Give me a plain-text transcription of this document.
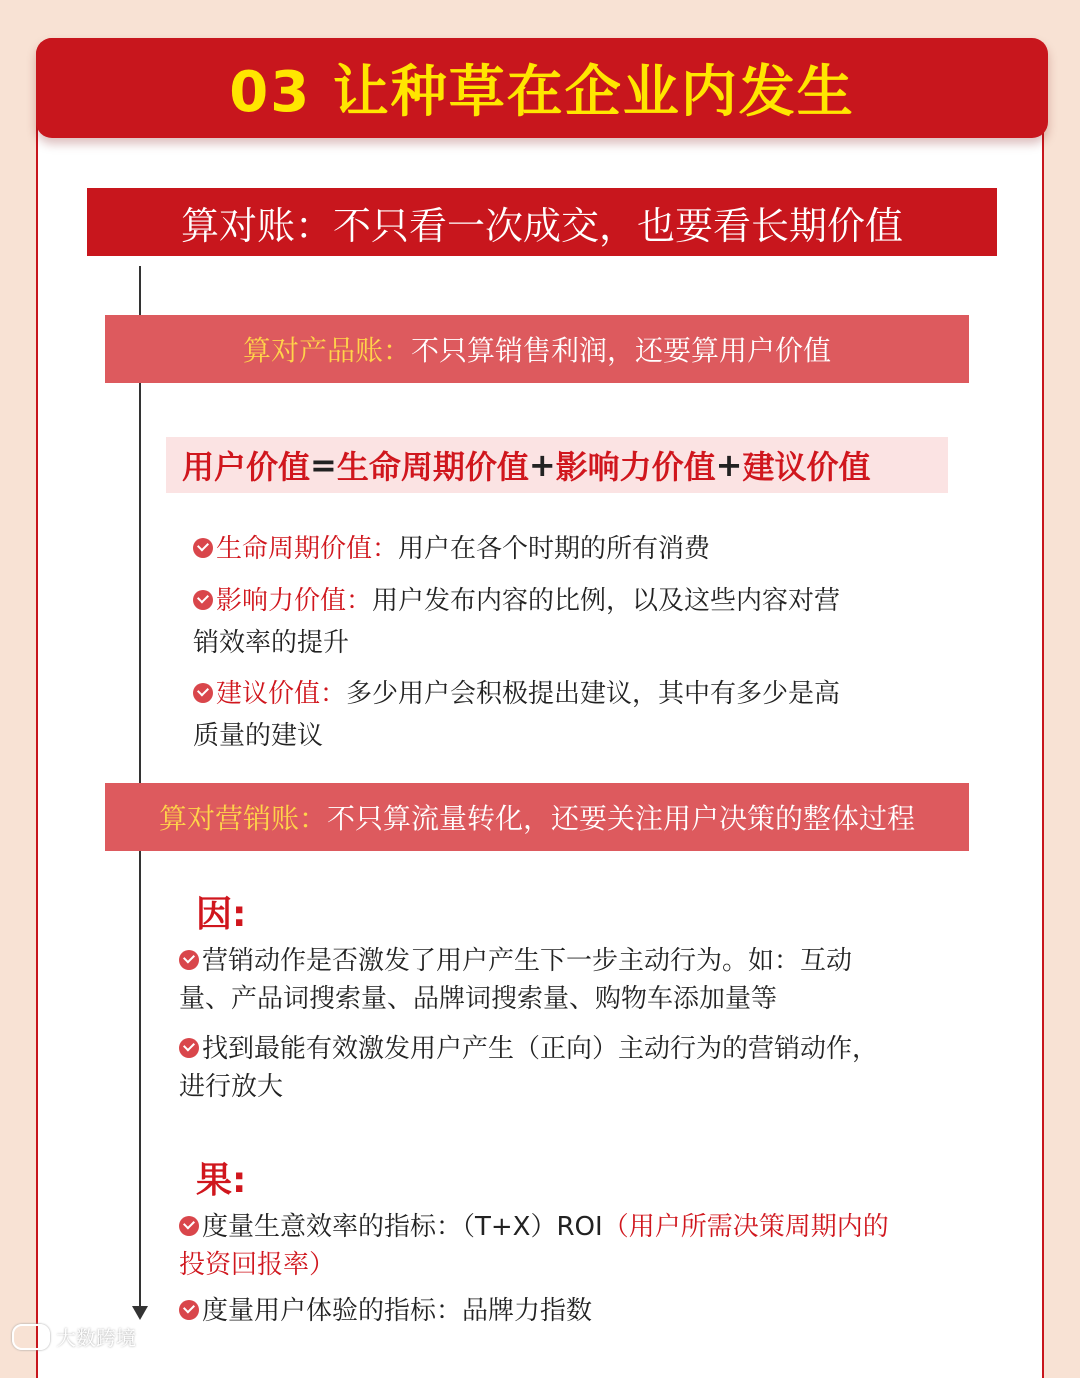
03 让种草在企业内发生
算对账：不只看一次成交，也要看长期价值
算对产品账： 不只算销售利润，还要算用户价值
用户价值 = 生命周期价值 + 影响力价值 + 建议价值
生命周期价值：用户在各个时期的所有消费
影响力价值：用户发布内容的比例，以及这些内容对营
销效率的提升
建议价值：多少用户会积极提出建议，其中有多少是高
质量的建议
算对营销账： 不只算流量转化，还要关注用户决策的整体过程
因:
营销动作是否激发了用户产生下一步主动行为。如：互动
量、产品词搜索量、品牌词搜索量、购物车添加量等
找到最能有效激发用户产生（正向）主动行为的营销动作，
进行放大
果:
度量生意效率的指标：（T+X）ROI（用户所需决策周期内的
投资回报率）
度量用户体验的指标：品牌力指数
大数跨境
